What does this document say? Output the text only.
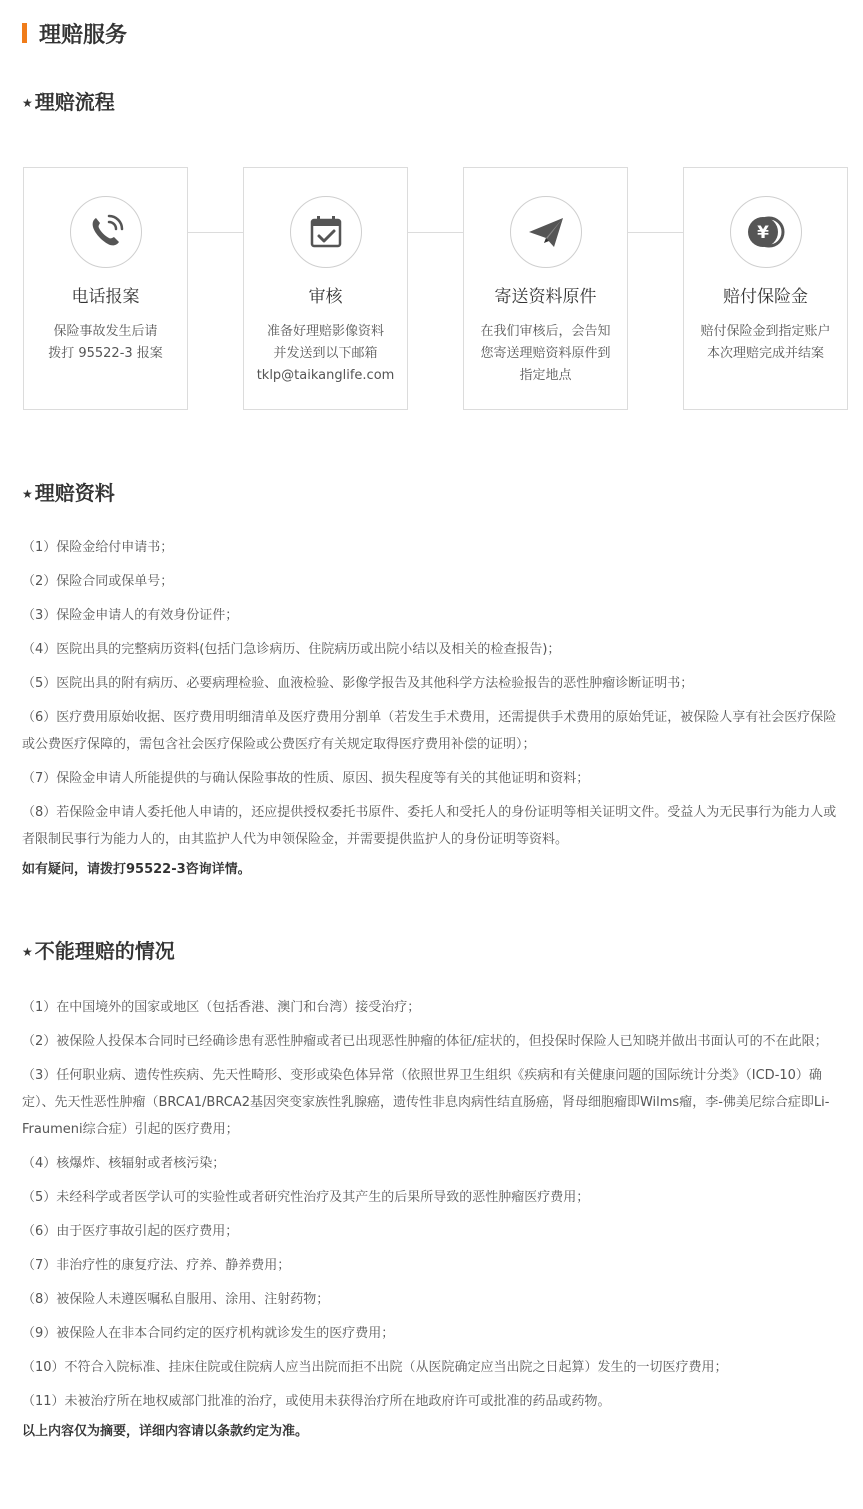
理赔服务
★ 理赔流程
电话报案
保险事故发生后请
拨打 95522-3 报案
审核
准备好理赔影像资料
并发送到以下邮箱
tklp@taikanglife.com
寄送资料原件
在我们审核后，会告知
您寄送理赔资料原件到
指定地点
¥
赔付保险金
赔付保险金到指定账户
本次理赔完成并结案
★ 理赔资料
（1）保险金给付申请书；
（2）保险合同或保单号；
（3）保险金申请人的有效身份证件；
（4）医院出具的完整病历资料(包括门急诊病历、住院病历或出院小结以及相关的检查报告)；
（5）医院出具的附有病历、必要病理检验、血液检验、影像学报告及其他科学方法检验报告的恶性肿瘤诊断证明书；
（6）医疗费用原始收据、医疗费用明细清单及医疗费用分割单（若发生手术费用，还需提供手术费用的原始凭证，被保险人享有社会医疗保险或公费医疗保障的，需包含社会医疗保险或公费医疗有关规定取得医疗费用补偿的证明）；
（7）保险金申请人所能提供的与确认保险事故的性质、原因、损失程度等有关的其他证明和资料；
（8）若保险金申请人委托他人申请的，还应提供授权委托书原件、委托人和受托人的身份证明等相关证明文件。受益人为无民事行为能力人或者限制民事行为能力人的，由其监护人代为申领保险金，并需要提供监护人的身份证明等资料。
如有疑问，请拨打95522-3咨询详情。
★ 不能理赔的情况
（1）在中国境外的国家或地区（包括香港、澳门和台湾）接受治疗；
（2）被保险人投保本合同时已经确诊患有恶性肿瘤或者已出现恶性肿瘤的体征/症状的，但投保时保险人已知晓并做出书面认可的不在此限；
（3）任何职业病、遗传性疾病、先天性畸形、变形或染色体异常（依照世界卫生组织《疾病和有关健康问题的国际统计分类》（ICD-10）确定）、先天性恶性肿瘤（BRCA1/BRCA2基因突变家族性乳腺癌，遗传性非息肉病性结直肠癌，肾母细胞瘤即Wilms瘤，李-佛美尼综合症即Li-Fraumeni综合症）引起的医疗费用；
（4）核爆炸、核辐射或者核污染；
（5）未经科学或者医学认可的实验性或者研究性治疗及其产生的后果所导致的恶性肿瘤医疗费用；
（6）由于医疗事故引起的医疗费用；
（7）非治疗性的康复疗法、疗养、静养费用；
（8）被保险人未遵医嘱私自服用、涂用、注射药物；
（9）被保险人在非本合同约定的医疗机构就诊发生的医疗费用；
（10）不符合入院标准、挂床住院或住院病人应当出院而拒不出院（从医院确定应当出院之日起算）发生的一切医疗费用；
（11）未被治疗所在地权威部门批准的治疗，或使用未获得治疗所在地政府许可或批准的药品或药物。
以上内容仅为摘要，详细内容请以条款约定为准。
